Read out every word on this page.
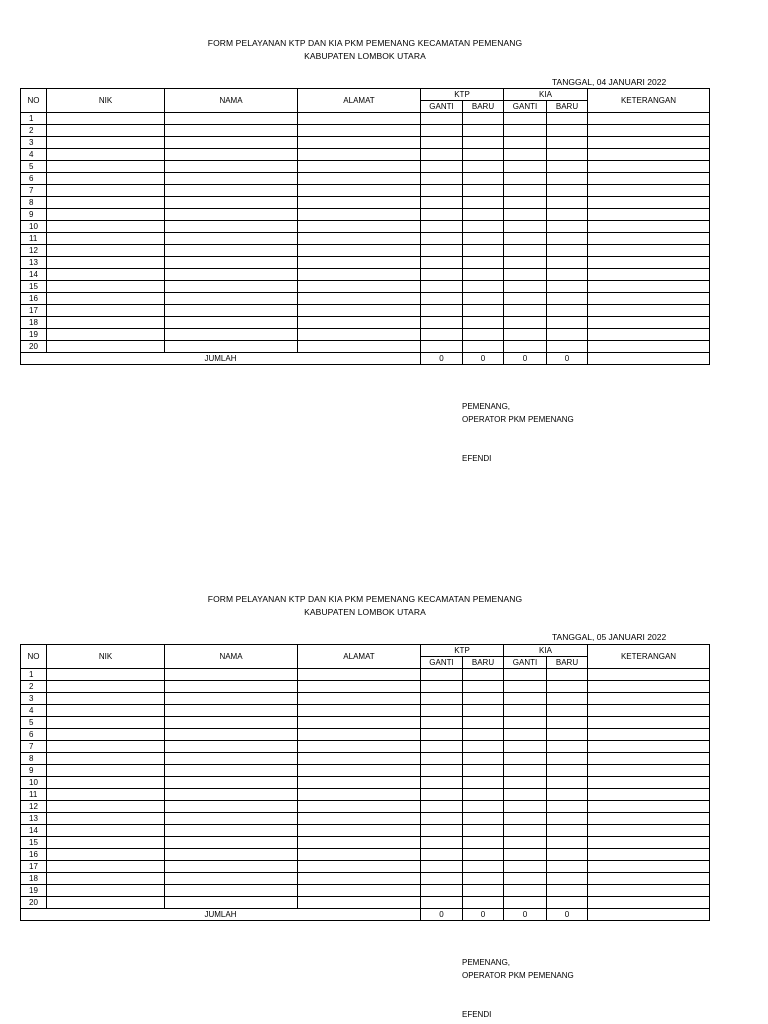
FORM PELAYANAN KTP DAN KIA PKM PEMENANG KECAMATAN PEMENANG
KABUPATEN LOMBOK UTARA
TANGGAL, 04 JANUARI 2022
NO	NIK	NAMA	ALAMAT	KTP		KIA		KETERANGAN
				GANTI	BARU	GANTI	BARU	
1								
2								
3								
4								
5								
6								
7								
8								
9								
10								
11								
12								
13								
14								
15								
16								
17								
18								
19								
20								
JUMLAH				0	0	0	0	
PEMENANG,
OPERATOR PKM PEMENANG
EFENDI
FORM PELAYANAN KTP DAN KIA PKM PEMENANG KECAMATAN PEMENANG
KABUPATEN LOMBOK UTARA
TANGGAL, 05 JANUARI 2022
NO	NIK	NAMA	ALAMAT	KTP		KIA		KETERANGAN
				GANTI	BARU	GANTI	BARU	
1								
2								
3								
4								
5								
6								
7								
8								
9								
10								
11								
12								
13								
14								
15								
16								
17								
18								
19								
20								
JUMLAH				0	0	0	0	
PEMENANG,
OPERATOR PKM PEMENANG
EFENDI
